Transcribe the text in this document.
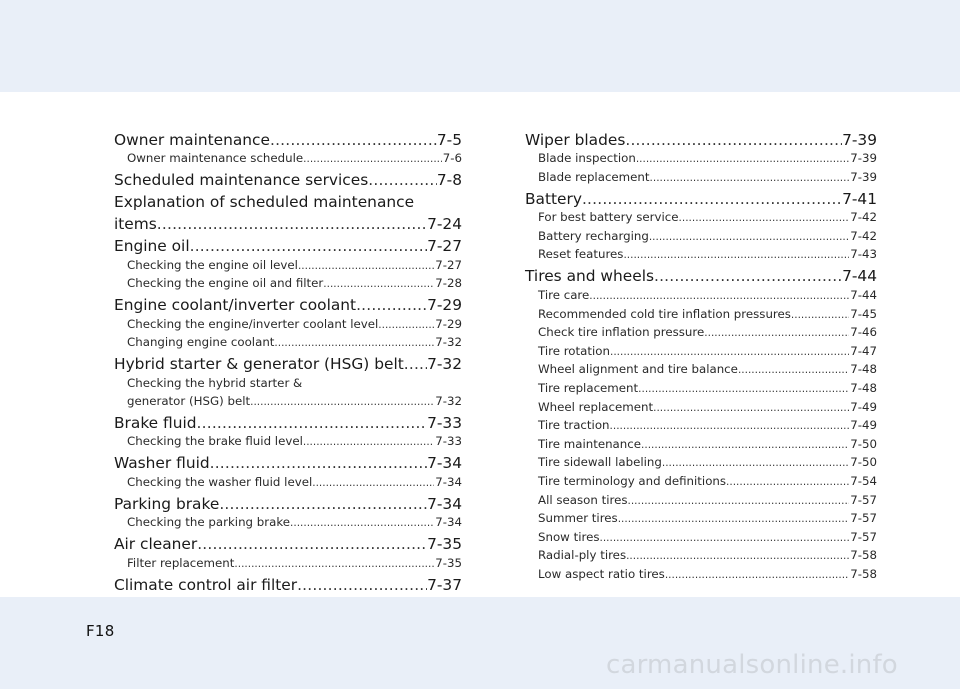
Owner maintenance .....	7-5
Owner maintenance schedule .....	7-6
Scheduled maintenance services .....	7-8
Explanation of scheduled maintenance
items .....	7-24
Engine oil .....	7-27
Checking the engine oil level .....	7-27
Checking the engine oil and filter .....	7-28
Engine coolant/inverter coolant .....	7-29
Checking the engine/inverter coolant level .....	7-29
Changing engine coolant .....	7-32
Hybrid starter & generator (HSG) belt ..... 7-32
Checking the hybrid starter &
generator (HSG) belt .....	7-32
Brake fluid .....	7-33
Checking the brake fluid level .....	7-33
Washer fluid .....	7-34
Checking the washer fluid level .....	7-34
Parking brake .....	7-34
Checking the parking brake .....	7-34
Air cleaner .....	7-35
Filter replacement .....	7-35
Climate control air filter .....	7-37
.....
Wiper blades .....	7-39
Blade inspection .....	7-39
Blade replacement .....	7-39
Battery .....	7-41
For best battery service .....	7-42
Battery recharging .....	7-42
Reset features .....	7-43
Tires and wheels .....	7-44
Tire care .....	7-44
Recommended cold tire inflation pressures .....	7-45
Check tire inflation pressure .....	7-46
Tire rotation .....	7-47
Wheel alignment and tire balance .....	7-48
Tire replacement .....	7-48
Wheel replacement .....	7-49
Tire traction .....	7-49
Tire maintenance .....	7-50
Tire sidewall labeling .....	7-50
Tire terminology and definitions .....	7-54
All season tires .....	7-57
Summer tires .....	7-57
Snow tires .....	7-57
Radial-ply tires .....	7-58
Low aspect ratio tires .....	7-58
F18
carmanualsonline.info
